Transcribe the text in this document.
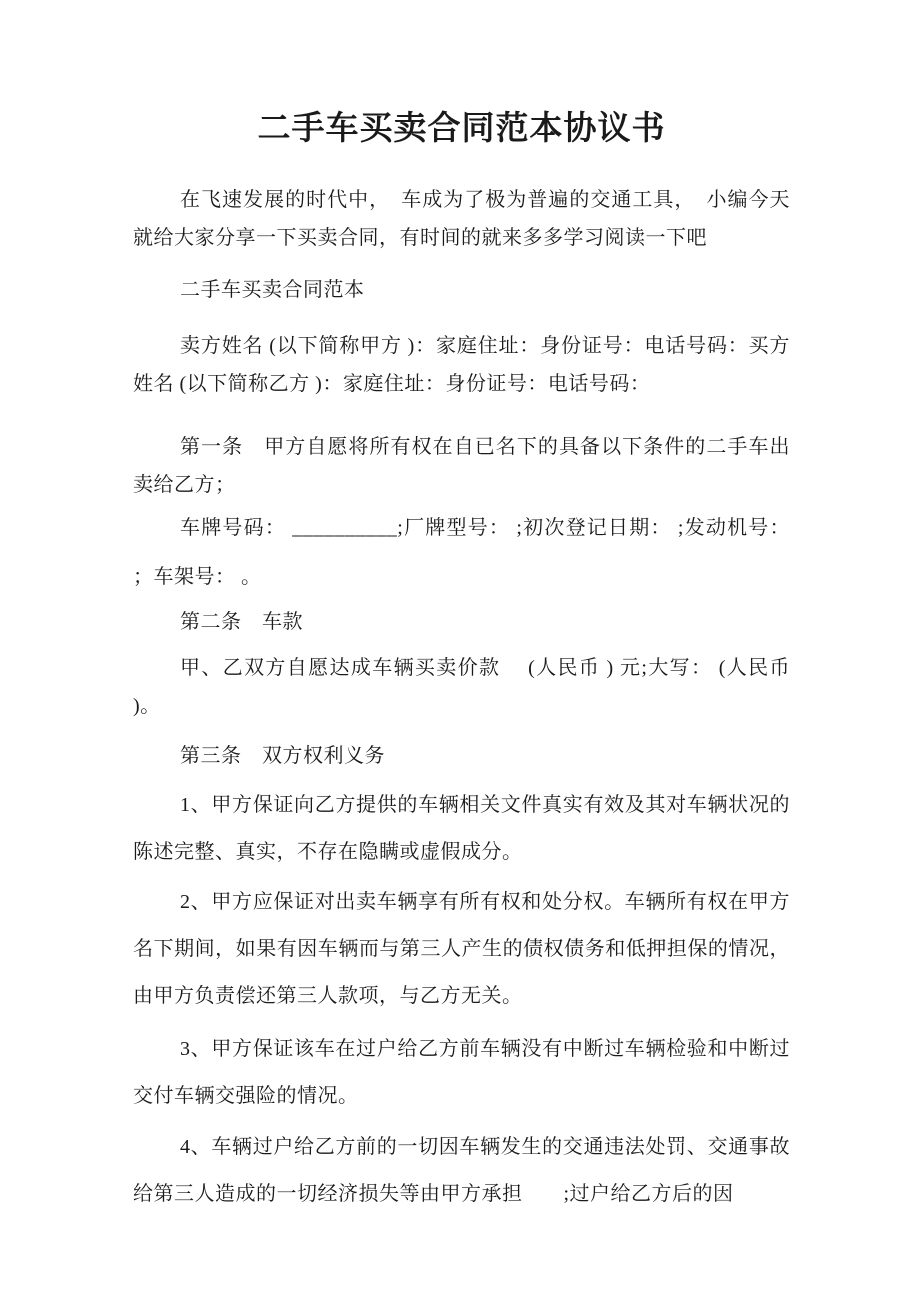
二手车买卖合同范本协议书

在飞速发展的时代中，　车成为了极为普遍的交通工具，　小编今天就给大家分享一下买卖合同，有时间的就来多多学习阅读一下吧

二手车买卖合同范本

卖方姓名 (以下简称甲方 )：家庭住址：身份证号：电话号码：买方姓名 (以下简称乙方 )：家庭住址：身份证号：电话号码：

第一条　甲方自愿将所有权在自已名下的具备以下条件的二手车出卖给乙方；

车牌号码： __________;厂牌型号： ;初次登记日期： ;发动机号： ；车架号： 。

第二条　车款

甲、乙双方自愿达成车辆买卖价款　 (人民币 ) 元;大写： (人民币 )。

第三条　双方权利义务

1、甲方保证向乙方提供的车辆相关文件真实有效及其对车辆状况的陈述完整、真实，不存在隐瞒或虚假成分。

2、甲方应保证对出卖车辆享有所有权和处分权。车辆所有权在甲方名下期间，如果有因车辆而与第三人产生的债权债务和低押担保的情况，由甲方负责偿还第三人款项，与乙方无关。

3、甲方保证该车在过户给乙方前车辆没有中断过车辆检验和中断过交付车辆交强险的情况。

4、车辆过户给乙方前的一切因车辆发生的交通违法处罚、交通事故给第三人造成的一切经济损失等由甲方承担　　;过户给乙方后的因
